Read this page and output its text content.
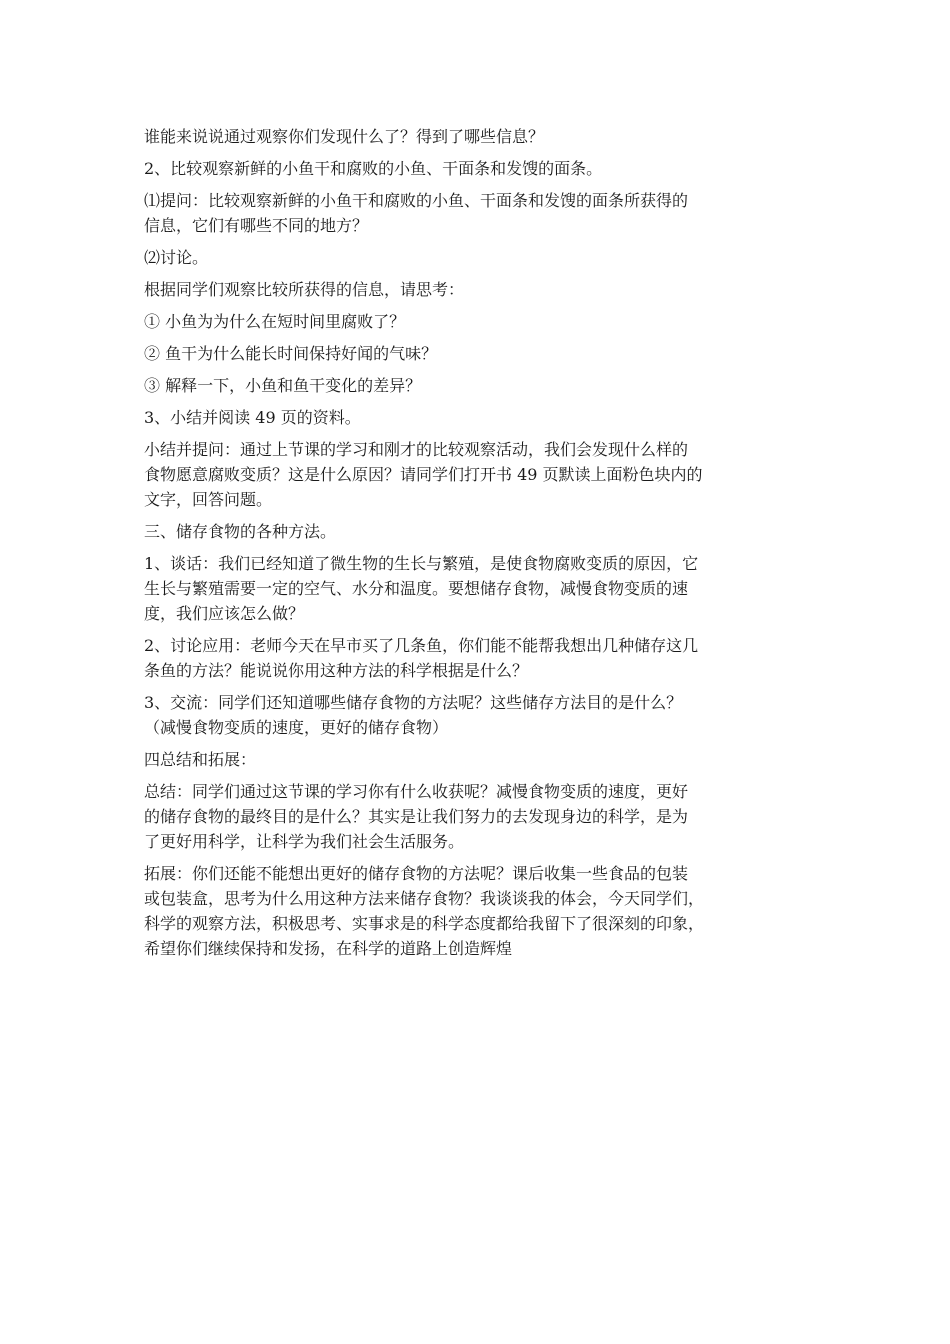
谁能来说说通过观察你们发现什么了？得到了哪些信息？

2、比较观察新鲜的小鱼干和腐败的小鱼、干面条和发馊的面条。

⑴提问：比较观察新鲜的小鱼干和腐败的小鱼、干面条和发馊的面条所获得的
信息，它们有哪些不同的地方？

⑵讨论。

根据同学们观察比较所获得的信息，请思考：

① 小鱼为为什么在短时间里腐败了？

② 鱼干为什么能长时间保持好闻的气味？

③ 解释一下，小鱼和鱼干变化的差异？

3、小结并阅读 49 页的资料。

小结并提问：通过上节课的学习和刚才的比较观察活动，我们会发现什么样的
食物愿意腐败变质？这是什么原因？请同学们打开书 49 页默读上面粉色块内的
文字，回答问题。

三、储存食物的各种方法。

1、谈话：我们已经知道了微生物的生长与繁殖，是使食物腐败变质的原因，它
生长与繁殖需要一定的空气、水分和温度。要想储存食物，减慢食物变质的速
度，我们应该怎么做？

2、讨论应用：老师今天在早市买了几条鱼，你们能不能帮我想出几种储存这几
条鱼的方法？能说说你用这种方法的科学根据是什么？

3、交流：同学们还知道哪些储存食物的方法呢？这些储存方法目的是什么？
（减慢食物变质的速度，更好的储存食物）

四总结和拓展：

总结：同学们通过这节课的学习你有什么收获呢？减慢食物变质的速度，更好
的储存食物的最终目的是什么？其实是让我们努力的去发现身边的科学，是为
了更好用科学，让科学为我们社会生活服务。

拓展：你们还能不能想出更好的储存食物的方法呢？课后收集一些食品的包装
或包装盒，思考为什么用这种方法来储存食物？我谈谈我的体会，今天同学们，
科学的观察方法，积极思考、实事求是的科学态度都给我留下了很深刻的印象，
希望你们继续保持和发扬，在科学的道路上创造辉煌
